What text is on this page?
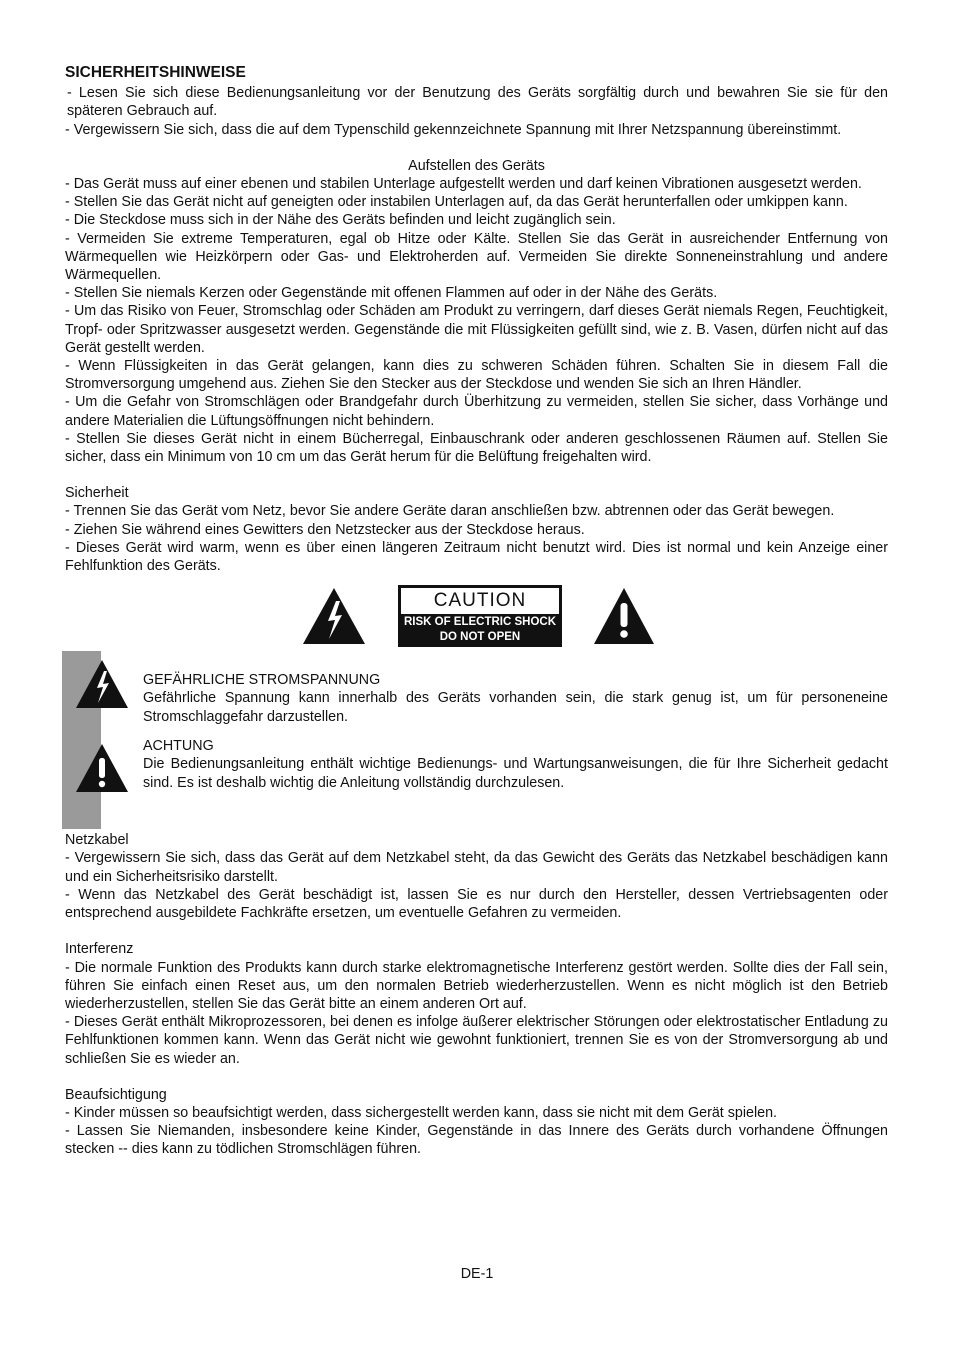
SICHERHEITSHINWEISE

- Lesen Sie sich diese Bedienungsanleitung vor der Benutzung des Geräts sorgfältig durch und bewahren Sie sie für den späteren Gebrauch auf.

- Vergewissern Sie sich, dass die auf dem Typenschild gekennzeichnete Spannung mit Ihrer Netzspannung übereinstimmt.

Aufstellen des Geräts

- Das Gerät muss auf einer ebenen und stabilen Unterlage aufgestellt werden und darf keinen Vibrationen ausgesetzt werden.

- Stellen Sie das Gerät nicht auf geneigten oder instabilen Unterlagen auf, da das Gerät herunterfallen oder umkippen kann.

- Die Steckdose muss sich in der Nähe des Geräts befinden und leicht zugänglich sein.

- Vermeiden Sie extreme Temperaturen, egal ob Hitze oder Kälte. Stellen Sie das Gerät in ausreichender Entfernung von Wärmequellen wie Heizkörpern oder Gas- und Elektroherden auf. Vermeiden Sie direkte Sonneneinstrahlung und andere Wärmequellen.

- Stellen Sie niemals Kerzen oder Gegenstände mit offenen Flammen auf oder in der Nähe des Geräts.

- Um das Risiko von Feuer, Stromschlag oder Schäden am Produkt zu verringern, darf dieses Gerät niemals Regen, Feuchtigkeit, Tropf- oder Spritzwasser ausgesetzt werden. Gegenstände die mit Flüssigkeiten gefüllt sind, wie z. B. Vasen, dürfen nicht auf das Gerät gestellt werden.

- Wenn Flüssigkeiten in das Gerät gelangen, kann dies zu schweren Schäden führen. Schalten Sie in diesem Fall die Stromversorgung umgehend aus. Ziehen Sie den Stecker aus der Steckdose und wenden Sie sich an Ihren Händler.

- Um die Gefahr von Stromschlägen oder Brandgefahr durch Überhitzung zu vermeiden, stellen Sie sicher, dass Vorhänge und andere Materialien die Lüftungsöffnungen nicht behindern.

- Stellen Sie dieses Gerät nicht in einem Bücherregal, Einbauschrank oder anderen geschlossenen Räumen auf. Stellen Sie sicher, dass ein Minimum von 10 cm um das Gerät herum für die Belüftung freigehalten wird.

Sicherheit

- Trennen Sie das Gerät vom Netz, bevor Sie andere Geräte daran anschließen bzw. abtrennen oder das Gerät bewegen.

- Ziehen Sie während eines Gewitters den Netzstecker aus der Steckdose heraus.

- Dieses Gerät wird warm, wenn es über einen längeren Zeitraum nicht benutzt wird. Dies ist normal und kein Anzeige einer Fehlfunktion des Geräts.

CAUTION
RISK OF ELECTRIC SHOCK
DO NOT OPEN

GEFÄHRLICHE STROMSPANNUNG

Gefährliche Spannung kann innerhalb des Geräts vorhanden sein, die stark genug ist, um für personeneine Stromschlaggefahr darzustellen.

ACHTUNG

Die Bedienungsanleitung enthält wichtige Bedienungs- und Wartungsanweisungen, die für Ihre Sicherheit gedacht sind. Es ist deshalb wichtig die Anleitung vollständig durchzulesen.

Netzkabel

- Vergewissern Sie sich, dass das Gerät auf dem Netzkabel steht, da das Gewicht des Geräts das Netzkabel beschädigen kann und ein Sicherheitsrisiko darstellt.

- Wenn das Netzkabel des Gerät beschädigt ist, lassen Sie es nur durch den Hersteller, dessen Vertriebsagenten oder entsprechend ausgebildete Fachkräfte ersetzen, um eventuelle Gefahren zu vermeiden.

Interferenz

- Die normale Funktion des Produkts kann durch starke elektromagnetische Interferenz gestört werden. Sollte dies der Fall sein, führen Sie einfach einen Reset aus, um den normalen Betrieb wiederherzustellen. Wenn es nicht möglich ist den Betrieb wiederherzustellen, stellen Sie das Gerät bitte an einem anderen Ort auf.

- Dieses Gerät enthält Mikroprozessoren, bei denen es infolge äußerer elektrischer Störungen oder elektrostatischer Entladung zu Fehlfunktionen kommen kann. Wenn das Gerät nicht wie gewohnt funktioniert, trennen Sie es von der Stromversorgung ab und schließen Sie es wieder an.

Beaufsichtigung

- Kinder müssen so beaufsichtigt werden, dass sichergestellt werden kann, dass sie nicht mit dem Gerät spielen.

- Lassen Sie Niemanden, insbesondere keine Kinder, Gegenstände in das Innere des Geräts durch vorhandene Öffnungen stecken -- dies kann zu tödlichen Stromschlägen führen.

DE-1
